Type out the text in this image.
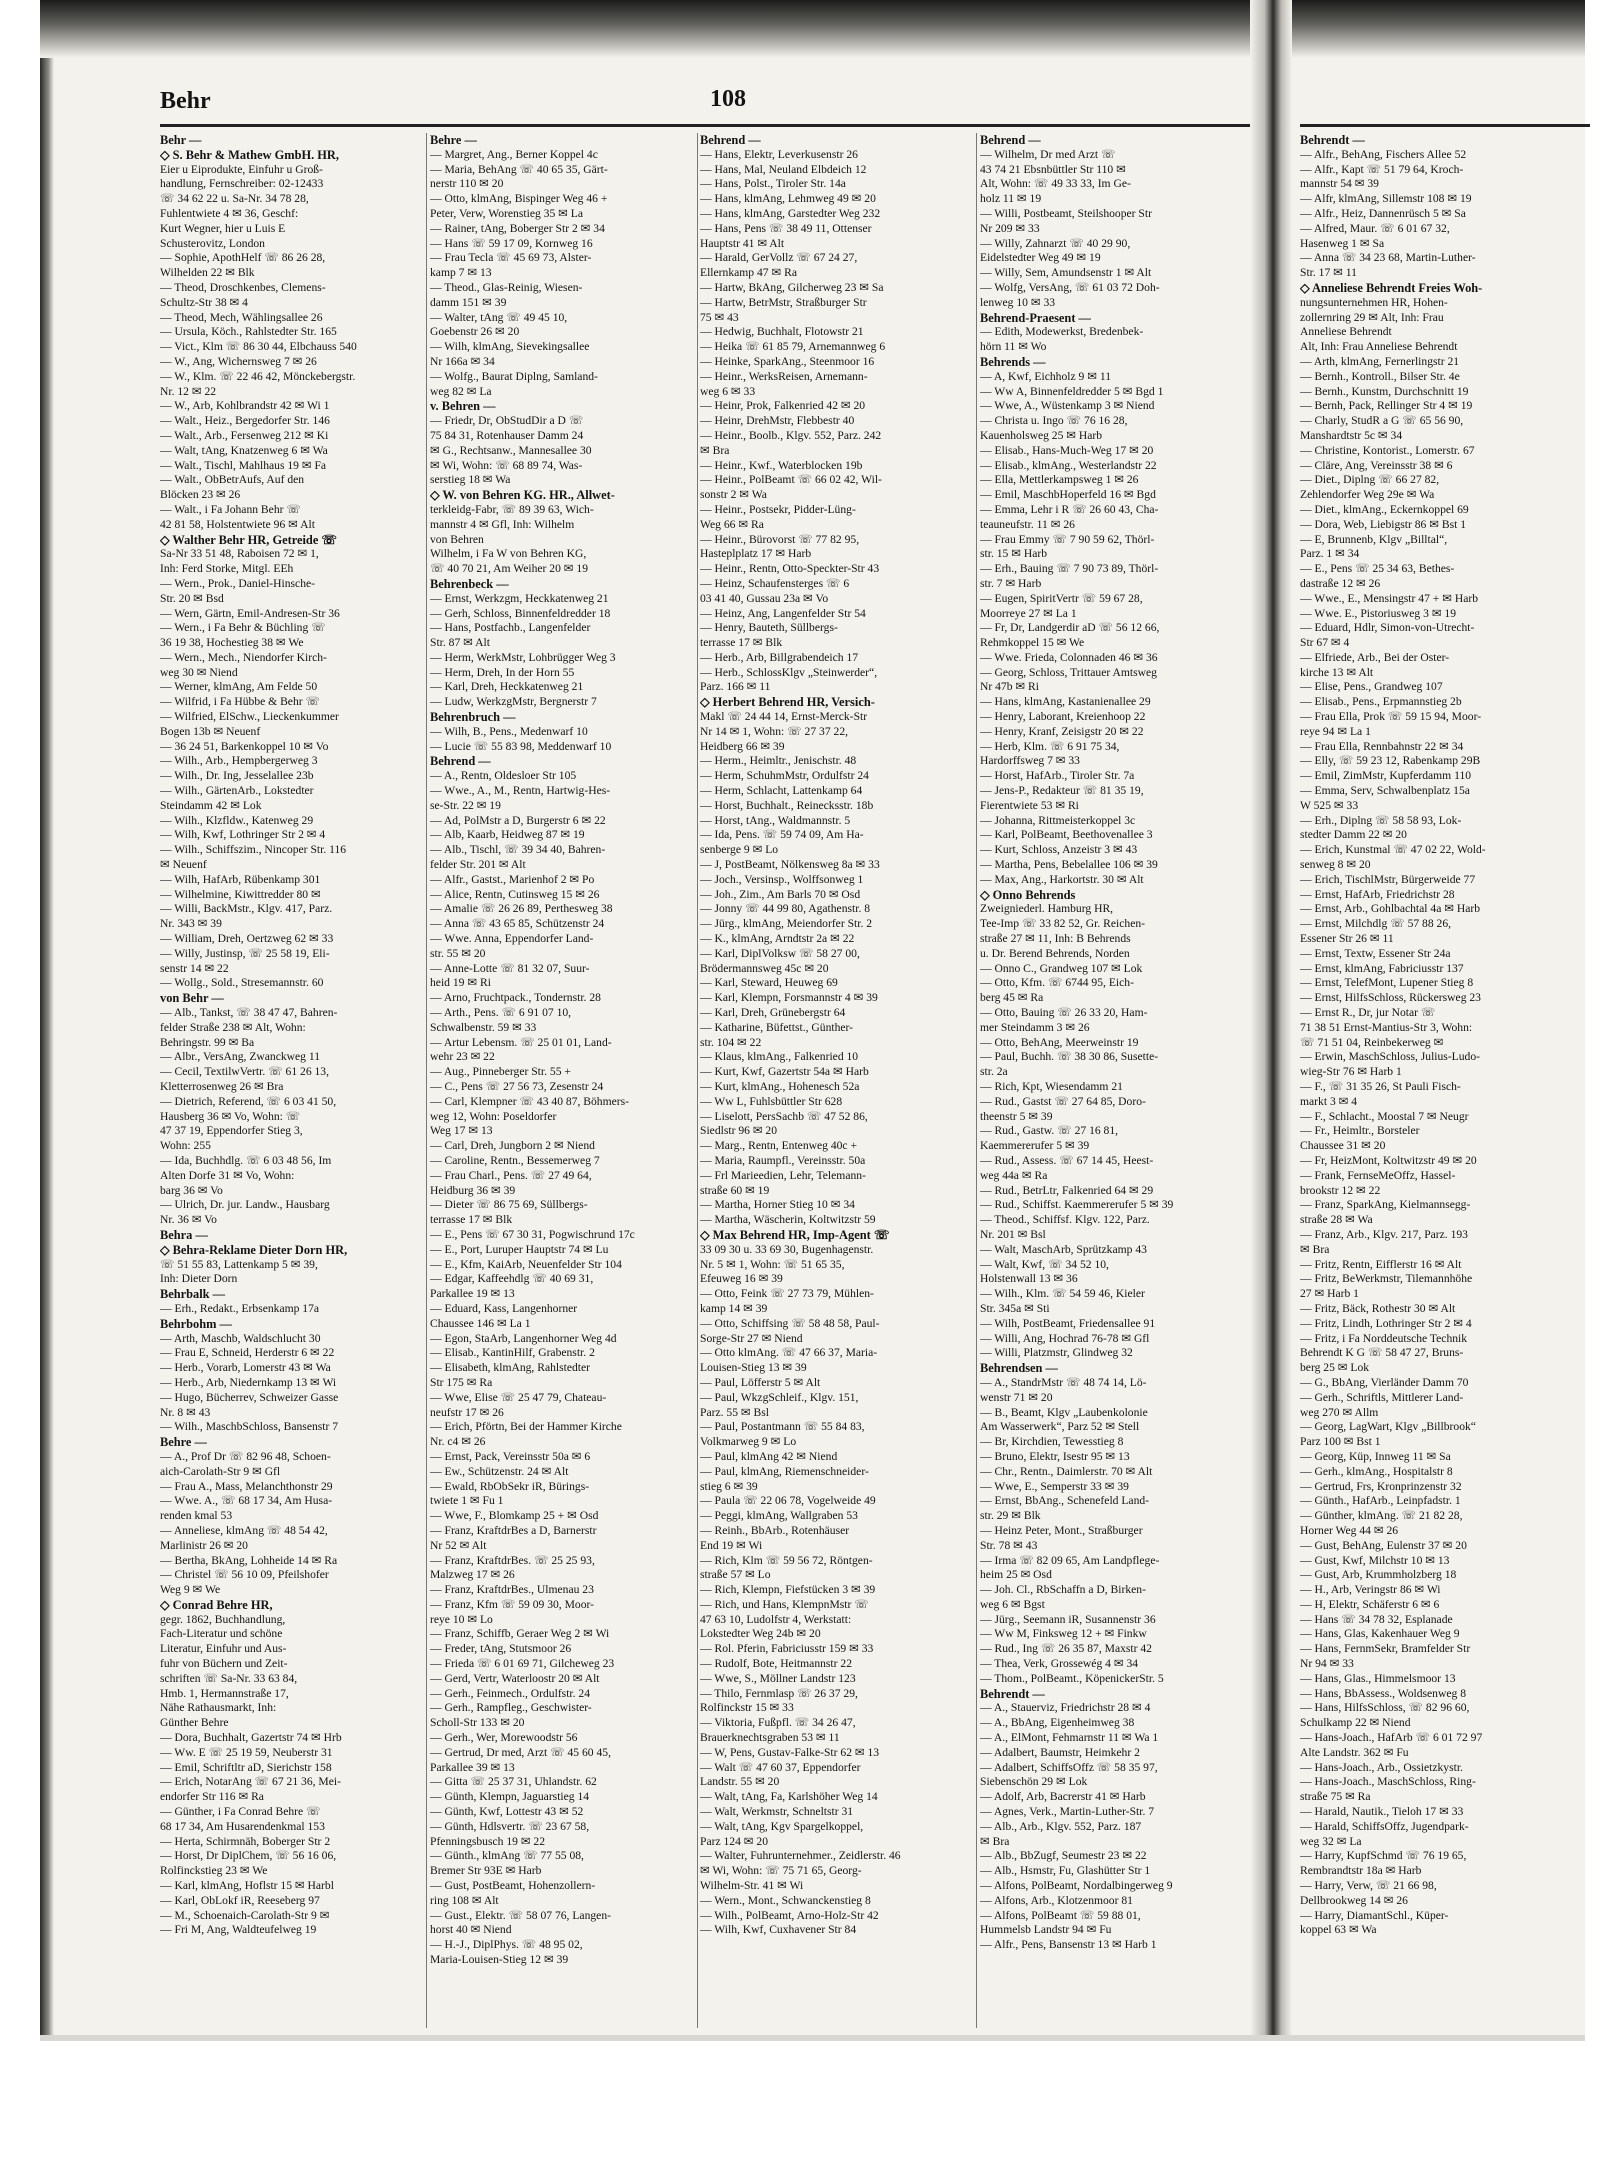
Behr	108
Behr —
◇ S. Behr & Mathew GmbH. HR,
Eier u Eiprodukte, Einfuhr u Groß-
handlung, Fernschreiber: 02-12433
☏ 34 62 22 u. Sa-Nr. 34 78 28,
Fuhlentwiete 4 ✉ 36, Geschf:
Kurt Wegner, hier u Luis E
Schusterovitz, London
— Sophie, ApothHelf ☏ 86 26 28,
Wilhelden 22 ✉ Blk
— Theod, Droschkenbes, Clemens-
Schultz-Str 38 ✉ 4
— Theod, Mech, Wählingsallee 26
— Ursula, Köch., Rahlstedter Str. 165
— Vict., Klm ☏ 86 30 44, Elbchauss 540
— W., Ang, Wichernsweg 7 ✉ 26
— W., Klm. ☏ 22 46 42, Mönckebergstr.
Nr. 12 ✉ 22
— W., Arb, Kohlbrandstr 42 ✉ Wi 1
— Walt., Heiz., Bergedorfer Str. 146
— Walt., Arb., Fersenweg 212 ✉ Ki
— Walt, tAng, Knatzenweg 6 ✉ Wa
— Walt., Tischl, Mahlhaus 19 ✉ Fa
— Walt., ObBetrAufs, Auf den
Blöcken 23 ✉ 26
— Walt., i Fa Johann Behr ☏
42 81 58, Holstentwiete 96 ✉ Alt
◇ Walther Behr HR, Getreide ☏
Sa-Nr 33 51 48, Raboisen 72 ✉ 1,
Inh: Ferd Storke, Mitgl. EEh
— Wern., Prok., Daniel-Hinsche-
Str. 20 ✉ Bsd
— Wern, Gärtn, Emil-Andresen-Str 36
— Wern., i Fa Behr & Büchling ☏
36 19 38, Hochestieg 38 ✉ We
— Wern., Mech., Niendorfer Kirch-
weg 30 ✉ Niend
— Werner, klmAng, Am Felde 50
— Wilfrid, i Fa Hübbe & Behr ☏
— Wilfried, ElSchw., Lieckenkummer
Bogen 13b ✉ Neuenf
— 36 24 51, Barkenkoppel 10 ✉ Vo
— Wilh., Arb., Hempbergerweg 3
— Wilh., Dr. Ing, Jesselallee 23b
— Wilh., GärtenArb., Lokstedter
Steindamm 42 ✉ Lok
— Wilh., Klzfldw., Katenweg 29
— Wilh, Kwf, Lothringer Str 2 ✉ 4
— Wilh., Schiffszim., Nincoper Str. 116
✉ Neuenf
— Wilh, HafArb, Rübenkamp 301
— Wilhelmine, Kiwittredder 80 ✉
— Willi, BackMstr., Klgv. 417, Parz.
Nr. 343 ✉ 39
— William, Dreh, Oertzweg 62 ✉ 33
— Willy, Justinsp, ☏ 25 58 19, Eli-
senstr 14 ✉ 22
— Wollg., Sold., Stresemannstr. 60
von Behr —
— Alb., Tankst, ☏ 38 47 47, Bahren-
felder Straße 238 ✉ Alt, Wohn:
Behringstr. 99 ✉ Ba
— Albr., VersAng, Zwanckweg 11
— Cecil, TextilwVertr. ☏ 61 26 13,
Kletterrosenweg 26 ✉ Bra
— Dietrich, Referend, ☏ 6 03 41 50,
Hausberg 36 ✉ Vo, Wohn: ☏
47 37 19, Eppendorfer Stieg 3,
Wohn: 255
— Ida, Buchhdlg. ☏ 6 03 48 56, Im
Alten Dorfe 31 ✉ Vo, Wohn:
barg 36 ✉ Vo
— Ulrich, Dr. jur. Landw., Hausbarg
Nr. 36 ✉ Vo
Behra —
◇ Behra-Reklame Dieter Dorn HR,
☏ 51 55 83, Lattenkamp 5 ✉ 39,
Inh: Dieter Dorn
Behrbalk —
— Erh., Redakt., Erbsenkamp 17a
Behrbohm —
— Arth, Maschb, Waldschlucht 30
— Frau E, Schneid, Herderstr 6 ✉ 22
— Herb., Vorarb, Lomerstr 43 ✉ Wa
— Herb., Arb, Niedernkamp 13 ✉ Wi
— Hugo, Bücherrev, Schweizer Gasse
Nr. 8 ✉ 43
— Wilh., MaschbSchloss, Bansenstr 7
Behre —
— A., Prof Dr ☏ 82 96 48, Schoen-
aich-Carolath-Str 9 ✉ Gfl
— Frau A., Mass, Melanchthonstr 29
— Wwe. A., ☏ 68 17 34, Am Husa-
renden kmal 53
— Anneliese, klmAng ☏ 48 54 42,
Marlinistr 26 ✉ 20
— Bertha, BkAng, Lohheide 14 ✉ Ra
— Christel ☏ 56 10 09, Pfeilshofer
Weg 9 ✉ We
◇ Conrad Behre HR,
gegr. 1862, Buchhandlung,
Fach-Literatur und schöne
Literatur, Einfuhr und Aus-
fuhr von Büchern und Zeit-
schriften ☏ Sa-Nr. 33 63 84,
Hmb. 1, Hermannstraße 17,
Nähe Rathausmarkt, Inh:
Günther Behre
— Dora, Buchhalt, Gazertstr 74 ✉ Hrb
— Ww. E ☏ 25 19 59, Neuberstr 31
— Emil, Schriftltr aD, Sierichstr 158
— Erich, NotarAng ☏ 67 21 36, Mei-
endorfer Str 116 ✉ Ra
— Günther, i Fa Conrad Behre ☏
68 17 34, Am Husarendenkmal 153
— Herta, Schirmnäh, Boberger Str 2
— Horst, Dr DiplChem, ☏ 56 16 06,
Rolfinckstieg 23 ✉ We
— Karl, klmAng, Hoflstr 15 ✉ Harbl
— Karl, ObLokf iR, Reeseberg 97
— M., Schoenaich-Carolath-Str 9 ✉
— Fri M, Ang, Waldteufelweg 19
Behre —
— Margret, Ang., Berner Koppel 4c
— Maria, BehAng ☏ 40 65 35, Gärt-
nerstr 110 ✉ 20
— Otto, klmAng, Bispinger Weg 46 +
Peter, Verw, Worenstieg 35 ✉ La
— Rainer, tAng, Boberger Str 2 ✉ 34
— Hans ☏ 59 17 09, Kornweg 16
— Frau Tecla ☏ 45 69 73, Alster-
kamp 7 ✉ 13
— Theod., Glas-Reinig, Wiesen-
damm 151 ✉ 39
— Walter, tAng ☏ 49 45 10,
Goebenstr 26 ✉ 20
— Wilh, klmAng, Sievekingsallee
Nr 166a ✉ 34
— Wolfg., Baurat Diplng, Samland-
weg 82 ✉ La
v. Behren —
— Friedr, Dr, ObStudDir a D ☏
75 84 31, Rotenhauser Damm 24
✉ G., Rechtsanw., Mannesallee 30
✉ Wi, Wohn: ☏ 68 89 74, Was-
serstieg 18 ✉ Wa
◇ W. von Behren KG. HR., Allwet-
terkleidg-Fabr, ☏ 89 39 63, Wich-
mannstr 4 ✉ Gfl, Inh: Wilhelm
von Behren
Wilhelm, i Fa W von Behren KG,
☏ 40 70 21, Am Weiher 20 ✉ 19
Behrenbeck —
— Ernst, Werkzgm, Heckkatenweg 21
— Gerh, Schloss, Binnenfeldredder 18
— Hans, Postfachb., Langenfelder
Str. 87 ✉ Alt
— Herm, WerkMstr, Lohbrügger Weg 3
— Herm, Dreh, In der Horn 55
— Karl, Dreh, Heckkatenweg 21
— Ludw, WerkzgMstr, Bergnerstr 7
Behrenbruch —
— Wilh, B., Pens., Medenwarf 10
— Lucie ☏ 55 83 98, Meddenwarf 10
Behrend —
— A., Rentn, Oldesloer Str 105
— Wwe., A., M., Rentn, Hartwig-Hes-
se-Str. 22 ✉ 19
— Ad, PolMstr a D, Burgerstr 6 ✉ 22
— Alb, Kaarb, Heidweg 87 ✉ 19
— Alb., Tischl, ☏ 39 34 40, Bahren-
felder Str. 201 ✉ Alt
— Alfr., Gastst., Marienhof 2 ✉ Po
— Alice, Rentn, Cutinsweg 15 ✉ 26
— Amalie ☏ 26 26 89, Perthesweg 38
— Anna ☏ 43 65 85, Schützenstr 24
— Wwe. Anna, Eppendorfer Land-
str. 55 ✉ 20
— Anne-Lotte ☏ 81 32 07, Suur-
heid 19 ✉ Ri
— Arno, Fruchtpack., Tondernstr. 28
— Arth., Pens. ☏ 6 91 07 10,
Schwalbenstr. 59 ✉ 33
— Artur Lebensm. ☏ 25 01 01, Land-
wehr 23 ✉ 22
— Aug., Pinneberger Str. 55 +
— C., Pens ☏ 27 56 73, Zesenstr 24
— Carl, Klempner ☏ 43 40 87, Böhmers-
weg 12, Wohn: Poseldorfer
Weg 17 ✉ 13
— Carl, Dreh, Jungborn 2 ✉ Niend
— Caroline, Rentn., Bessemerweg 7
— Frau Charl., Pens. ☏ 27 49 64,
Heidburg 36 ✉ 39
— Dieter ☏ 86 75 69, Süllbergs-
terrasse 17 ✉ Blk
— E., Pens ☏ 67 30 31, Pogwischrund 17c
— E., Port, Luruper Hauptstr 74 ✉ Lu
— E., Kfm, KaiArb, Neuenfelder Str 104
— Edgar, Kaffeehdlg ☏ 40 69 31,
Parkallee 19 ✉ 13
— Eduard, Kass, Langenhorner
Chaussee 146 ✉ La 1
— Egon, StaArb, Langenhorner Weg 4d
— Elisab., KantinHilf, Grabenstr. 2
— Elisabeth, klmAng, Rahlstedter
Str 175 ✉ Ra
— Wwe, Elise ☏ 25 47 79, Chateau-
neufstr 17 ✉ 26
— Erich, Pförtn, Bei der Hammer Kirche
Nr. c4 ✉ 26
— Ernst, Pack, Vereinsstr 50a ✉ 6
— Ew., Schützenstr. 24 ✉ Alt
— Ewald, RbObSekr iR, Bürings-
twiete 1 ✉ Fu 1
— Wwe, F., Blomkamp 25 + ✉ Osd
— Franz, KraftdrBes a D, Barnerstr
Nr 52 ✉ Alt
— Franz, KraftdrBes. ☏ 25 25 93,
Malzweg 17 ✉ 26
— Franz, KraftdrBes., Ulmenau 23
— Franz, Kfm ☏ 59 09 30, Moor-
reye 10 ✉ Lo
— Franz, Schiffb, Geraer Weg 2 ✉ Wi
— Freder, tAng, Stutsmoor 26
— Frieda ☏ 6 01 69 71, Gilcheweg 23
— Gerd, Vertr, Waterloostr 20 ✉ Alt
— Gerh., Feinmech., Ordulfstr. 24
— Gerh., Rampfleg., Geschwister-
Scholl-Str 133 ✉ 20
— Gerh., Wer, Morewoodstr 56
— Gertrud, Dr med, Arzt ☏ 45 60 45,
Parkallee 39 ✉ 13
— Gitta ☏ 25 37 31, Uhlandstr. 62
— Günth, Klempn, Jaguarstieg 14
— Günth, Kwf, Lottestr 43 ✉ 52
— Günth, Hdlsvertr. ☏ 23 67 58,
Pfenningsbusch 19 ✉ 22
— Günth., klmAng ☏ 77 55 08,
Bremer Str 93E ✉ Harb
— Gust, PostBeamt, Hohenzollern-
ring 108 ✉ Alt
— Gust., Elektr. ☏ 58 07 76, Langen-
horst 40 ✉ Niend
— H.-J., DiplPhys. ☏ 48 95 02,
Maria-Louisen-Stieg 12 ✉ 39
Behrend —
— Hans, Elektr, Leverkusenstr 26
— Hans, Mal, Neuland Elbdeich 12
— Hans, Polst., Tiroler Str. 14a
— Hans, klmAng, Lehmweg 49 ✉ 20
— Hans, klmAng, Garstedter Weg 232
— Hans, Pens ☏ 38 49 11, Ottenser
Hauptstr 41 ✉ Alt
— Harald, GerVollz ☏ 67 24 27,
Ellernkamp 47 ✉ Ra
— Hartw, BkAng, Gilcherweg 23 ✉ Sa
— Hartw, BetrMstr, Straßburger Str
75 ✉ 43
— Hedwig, Buchhalt, Flotowstr 21
— Heika ☏ 61 85 79, Arnemannweg 6
— Heinke, SparkAng., Steenmoor 16
— Heinr., WerksReisen, Arnemann-
weg 6 ✉ 33
— Heinr, Prok, Falkenried 42 ✉ 20
— Heinr, DrehMstr, Flebbestr 40
— Heinr., Boolb., Klgv. 552, Parz. 242
✉ Bra
— Heinr., Kwf., Waterblocken 19b
— Heinr., PolBeamt ☏ 66 02 42, Wil-
sonstr 2 ✉ Wa
— Heinr., Postsekr, Pidder-Lüng-
Weg 66 ✉ Ra
— Heinr., Bürovorst ☏ 77 82 95,
Hasteplplatz 17 ✉ Harb
— Heinr., Rentn, Otto-Speckter-Str 43
— Heinz, Schaufensterges ☏ 6
03 41 40, Gussau 23a ✉ Vo
— Heinz, Ang, Langenfelder Str 54
— Henry, Bauteth, Süllbergs-
terrasse 17 ✉ Blk
— Herb., Arb, Billgrabendeich 17
— Herb., SchlossKlgv „Steinwerder“,
Parz. 166 ✉ 11
◇ Herbert Behrend HR, Versich-
Makl ☏ 24 44 14, Ernst-Merck-Str
Nr 14 ✉ 1, Wohn: ☏ 27 37 22,
Heidberg 66 ✉ 39
— Herm., Heimltr., Jenischstr. 48
— Herm, SchuhmMstr, Ordulfstr 24
— Herm, Schlacht, Lattenkamp 64
— Horst, Buchhalt., Reinecksstr. 18b
— Horst, tAng., Waldmannstr. 5
— Ida, Pens. ☏ 59 74 09, Am Ha-
senberge 9 ✉ Lo
— J, PostBeamt, Nölkensweg 8a ✉ 33
— Joch., Versinsp., Wolffsonweg 1
— Joh., Zim., Am Barls 70 ✉ Osd
— Jonny ☏ 44 99 80, Agathenstr. 8
— Jürg., klmAng, Meiendorfer Str. 2
— K., klmAng, Arndtstr 2a ✉ 22
— Karl, DiplVolksw ☏ 58 27 00,
Brödermannsweg 45c ✉ 20
— Karl, Steward, Heuweg 69
— Karl, Klempn, Forsmannstr 4 ✉ 39
— Karl, Dreh, Grünebergstr 64
— Katharine, Büfettst., Günther-
str. 104 ✉ 22
— Klaus, klmAng., Falkenried 10
— Kurt, Kwf, Gazertstr 54a ✉ Harb
— Kurt, klmAng., Hohenesch 52a
— Ww L, Fuhlsbüttler Str 628
— Liselott, PersSachb ☏ 47 52 86,
Siedlstr 96 ✉ 20
— Marg., Rentn, Entenweg 40c +
— Maria, Raumpfl., Vereinsstr. 50a
— Frl Marieedien, Lehr, Telemann-
straße 60 ✉ 19
— Martha, Horner Stieg 10 ✉ 34
— Martha, Wäscherin, Koltwitzstr 59
◇ Max Behrend HR, Imp-Agent ☏
33 09 30 u. 33 69 30, Bugenhagenstr.
Nr. 5 ✉ 1, Wohn: ☏ 51 65 35,
Efeuweg 16 ✉ 39
— Otto, Feink ☏ 27 73 79, Mühlen-
kamp 14 ✉ 39
— Otto, Schiffsing ☏ 58 48 58, Paul-
Sorge-Str 27 ✉ Niend
— Otto klmAng. ☏ 47 66 37, Maria-
Louisen-Stieg 13 ✉ 39
— Paul, Löfferstr 5 ✉ Alt
— Paul, WkzgSchleif., Klgv. 151,
Parz. 55 ✉ Bsl
— Paul, Postantmann ☏ 55 84 83,
Volkmarweg 9 ✉ Lo
— Paul, klmAng 42 ✉ Niend
— Paul, klmAng, Riemenschneider-
stieg 6 ✉ 39
— Paula ☏ 22 06 78, Vogelweide 49
— Peggi, klmAng, Wallgraben 53
— Reinh., BbArb., Rotenhäuser
End 19 ✉ Wi
— Rich, Klm ☏ 59 56 72, Röntgen-
straße 57 ✉ Lo
— Rich, Klempn, Fiefstücken 3 ✉ 39
— Rich, und Hans, KlempnMstr ☏
47 63 10, Ludolfstr 4, Werkstatt:
Lokstedter Weg 24b ✉ 20
— Rol. Pferin, Fabriciusstr 159 ✉ 33
— Rudolf, Bote, Heitmannstr 22
— Wwe, S., Möllner Landstr 123
— Thilo, Fernmlasp ☏ 26 37 29,
Rolfinckstr 15 ✉ 33
— Viktoria, Fußpfl. ☏ 34 26 47,
Brauerknechtsgraben 53 ✉ 11
— W, Pens, Gustav-Falke-Str 62 ✉ 13
— Walt ☏ 47 60 37, Eppendorfer
Landstr. 55 ✉ 20
— Walt, tAng, Fa, Karlshöher Weg 14
— Walt, Werkmstr, Schneltstr 31
— Walt, tAng, Kgv Spargelkoppel,
Parz 124 ✉ 20
— Walter, Fuhrunternehmer., Zeidlerstr. 46
✉ Wi, Wohn: ☏ 75 71 65, Georg-
Wilhelm-Str. 41 ✉ Wi
— Wern., Mont., Schwanckenstieg 8
— Wilh., PolBeamt, Arno-Holz-Str 42
— Wilh, Kwf, Cuxhavener Str 84
Behrend —
— Wilhelm, Dr med Arzt ☏
43 74 21 Ebsnbüttler Str 110 ✉
Alt, Wohn: ☏ 49 33 33, Im Ge-
holz 11 ✉ 19
— Willi, Postbeamt, Steilshooper Str
Nr 209 ✉ 33
— Willy, Zahnarzt ☏ 40 29 90,
Eidelstedter Weg 49 ✉ 19
— Willy, Sem, Amundsenstr 1 ✉ Alt
— Wolfg, VersAng, ☏ 61 03 72 Doh-
lenweg 10 ✉ 33
Behrend-Praesent —
— Edith, Modewerkst, Bredenbek-
hörn 11 ✉ Wo
Behrends —
— A, Kwf, Eichholz 9 ✉ 11
— Ww A, Binnenfeldredder 5 ✉ Bgd 1
— Wwe, A., Wüstenkamp 3 ✉ Niend
— Christa u. Ingo ☏ 76 16 28,
Kauenholsweg 25 ✉ Harb
— Elisab., Hans-Much-Weg 17 ✉ 20
— Elisab., klmAng., Westerlandstr 22
— Ella, Mettlerkampsweg 1 ✉ 26
— Emil, MaschbHoperfeld 16 ✉ Bgd
— Emma, Lehr i R ☏ 26 60 43, Cha-
teauneufstr. 11 ✉ 26
— Frau Emmy ☏ 7 90 59 62, Thörl-
str. 15 ✉ Harb
— Erh., Bauing ☏ 7 90 73 89, Thörl-
str. 7 ✉ Harb
— Eugen, SpiritVertr ☏ 59 67 28,
Moorreye 27 ✉ La 1
— Fr, Dr, Landgerdir aD ☏ 56 12 66,
Rehmkoppel 15 ✉ We
— Wwe. Frieda, Colonnaden 46 ✉ 36
— Georg, Schloss, Trittauer Amtsweg
Nr 47b ✉ Ri
— Hans, klmAng, Kastanienallee 29
— Henry, Laborant, Kreienhoop 22
— Henry, Kranf, Zeisigstr 20 ✉ 22
— Herb, Klm. ☏ 6 91 75 34,
Hardorffsweg 7 ✉ 33
— Horst, HafArb., Tiroler Str. 7a
— Jens-P., Redakteur ☏ 81 35 19,
Fierentwiete 53 ✉ Ri
— Johanna, Rittmeisterkoppel 3c
— Karl, PolBeamt, Beethovenallee 3
— Kurt, Schloss, Anzeistr 3 ✉ 43
— Martha, Pens, Bebelallee 106 ✉ 39
— Max, Ang., Harkortstr. 30 ✉ Alt
◇ Onno Behrends
Zweigniederl. Hamburg HR,
Tee-Imp ☏ 33 82 52, Gr. Reichen-
straße 27 ✉ 11, Inh: B Behrends
u. Dr. Berend Behrends, Norden
— Onno C., Grandweg 107 ✉ Lok
— Otto, Kfm. ☏ 6744 95, Eich-
berg 45 ✉ Ra
— Otto, Bauing ☏ 26 33 20, Ham-
mer Steindamm 3 ✉ 26
— Otto, BehAng, Meerweinstr 19
— Paul, Buchh. ☏ 38 30 86, Susette-
str. 2a
— Rich, Kpt, Wiesendamm 21
— Rud., Gastst ☏ 27 64 85, Doro-
theenstr 5 ✉ 39
— Rud., Gastw. ☏ 27 16 81,
Kaemmererufer 5 ✉ 39
— Rud., Assess. ☏ 67 14 45, Heest-
weg 44a ✉ Ra
— Rud., BetrLtr, Falkenried 64 ✉ 29
— Rud., Schiffst. Kaemmererufer 5 ✉ 39
— Theod., Schiffsf. Klgv. 122, Parz.
Nr. 201 ✉ Bsl
— Walt, MaschArb, Sprützkamp 43
— Walt, Kwf, ☏ 34 52 10,
Holstenwall 13 ✉ 36
— Wilh., Klm. ☏ 54 59 46, Kieler
Str. 345a ✉ Sti
— Wilh, PostBeamt, Friedensallee 91
— Willi, Ang, Hochrad 76-78 ✉ Gfl
— Willi, Platzmstr, Glindweg 32
Behrendsen —
— A., StandrMstr ☏ 48 74 14, Lö-
wenstr 71 ✉ 20
— B., Beamt, Klgv „Laubenkolonie
Am Wasserwerk“, Parz 52 ✉ Stell
— Br, Kirchdien, Tewesstieg 8
— Bruno, Elektr, Isestr 95 ✉ 13
— Chr., Rentn., Daimlerstr. 70 ✉ Alt
— Wwe, E., Semperstr 33 ✉ 39
— Ernst, BbAng., Schenefeld Land-
str. 29 ✉ Blk
— Heinz Peter, Mont., Straßburger
Str. 78 ✉ 43
— Irma ☏ 82 09 65, Am Landpflege-
heim 25 ✉ Osd
— Joh. Cl., RbSchaffn a D, Birken-
weg 6 ✉ Bgst
— Jürg., Seemann iR, Susannenstr 36
— Ww M, Finksweg 12 + ✉ Finkw
— Rud., Ing ☏ 26 35 87, Maxstr 42
— Thea, Verk, Grossewég 4 ✉ 34
— Thom., PolBeamt., KöpenickerStr. 5
Behrendt —
— A., Stauerviz, Friedrichstr 28 ✉ 4
— A., BbAng, Eigenheimweg 38
— A., ElMont, Fehmarnstr 11 ✉ Wa 1
— Adalbert, Baumstr, Heimkehr 2
— Adalbert, SchiffsOffz ☏ 58 35 97,
Siebenschön 29 ✉ Lok
— Adolf, Arb, Bacrerstr 41 ✉ Harb
— Agnes, Verk., Martin-Luther-Str. 7
— Alb., Arb., Klgv. 552, Parz. 187
✉ Bra
— Alb., BbZugf, Seumestr 23 ✉ 22
— Alb., Hsmstr, Fu, Glashütter Str 1
— Alfons, PolBeamt, Nordalbingerweg 9
— Alfons, Arb., Klotzenmoor 81
— Alfons, PolBeamt ☏ 59 88 01,
Hummelsb Landstr 94 ✉ Fu
— Alfr., Pens, Bansenstr 13 ✉ Harb 1
Behrendt —
— Alfr., BehAng, Fischers Allee 52
— Alfr., Kapt ☏ 51 79 64, Kroch-
mannstr 54 ✉ 39
— Alfr, klmAng, Sillemstr 108 ✉ 19
— Alfr., Heiz, Dannenrüsch 5 ✉ Sa
— Alfred, Maur. ☏ 6 01 67 32,
Hasenweg 1 ✉ Sa
— Anna ☏ 34 23 68, Martin-Luther-
Str. 17 ✉ 11
◇ Anneliese Behrendt Freies Woh-
nungsunternehmen HR, Hohen-
zollernring 29 ✉ Alt, Inh: Frau
Anneliese Behrendt
Alt, Inh: Frau Anneliese Behrendt
— Arth, klmAng, Fernerlingstr 21
— Bernh., Kontroll., Bilser Str. 4e
— Bernh., Kunstm, Durchschnitt 19
— Bernh, Pack, Rellinger Str 4 ✉ 19
— Charly, StudR a G ☏ 65 56 90,
Manshardtstr 5c ✉ 34
— Christine, Kontorist., Lomerstr. 67
— Cläre, Ang, Vereinsstr 38 ✉ 6
— Diet., Diplng ☏ 66 27 82,
Zehlendorfer Weg 29e ✉ Wa
— Diet., klmAng., Eckernkoppel 69
— Dora, Web, Liebigstr 86 ✉ Bst 1
— E, Brunnenb, Klgv „Billtal“,
Parz. 1 ✉ 34
— E., Pens ☏ 25 34 63, Bethes-
dastraße 12 ✉ 26
— Wwe., E., Mensingstr 47 + ✉ Harb
— Wwe. E., Pistoriusweg 3 ✉ 19
— Eduard, Hdlr, Simon-von-Utrecht-
Str 67 ✉ 4
— Elfriede, Arb., Bei der Oster-
kirche 13 ✉ Alt
— Elise, Pens., Grandweg 107
— Elisab., Pens., Erpmannstieg 2b
— Frau Ella, Prok ☏ 59 15 94, Moor-
reye 94 ✉ La 1
— Frau Ella, Rennbahnstr 22 ✉ 34
— Elly, ☏ 59 23 12, Rabenkamp 29B
— Emil, ZimMstr, Kupferdamm 110
— Emma, Serv, Schwalbenplatz 15a
W 525 ✉ 33
— Erh., Diplng ☏ 58 58 93, Lok-
stedter Damm 22 ✉ 20
— Erich, Kunstmal ☏ 47 02 22, Wold-
senweg 8 ✉ 20
— Erich, TischlMstr, Bürgerweide 77
— Ernst, HafArb, Friedrichstr 28
— Ernst, Arb., Gohlbachtal 4a ✉ Harb
— Ernst, Milchdlg ☏ 57 88 26,
Essener Str 26 ✉ 11
— Ernst, Textw, Essener Str 24a
— Ernst, klmAng, Fabriciusstr 137
— Ernst, TelefMont, Lupener Stieg 8
— Ernst, HilfsSchloss, Rückersweg 23
— Ernst R., Dr, jur Notar ☏
71 38 51 Ernst-Mantius-Str 3, Wohn:
☏ 71 51 04, Reinbekerweg ✉
— Erwin, MaschSchloss, Julius-Ludo-
wieg-Str 76 ✉ Harb 1
— F., ☏ 31 35 26, St Pauli Fisch-
markt 3 ✉ 4
— F., Schlacht., Moostal 7 ✉ Neugr
— Fr., Heimltr., Borsteler
Chaussee 31 ✉ 20
— Fr, HeizMont, Koltwitzstr 49 ✉ 20
— Frank, FernseMeOffz, Hassel-
brookstr 12 ✉ 22
— Franz, SparkAng, Kielmannsegg-
straße 28 ✉ Wa
— Franz, Arb., Klgv. 217, Parz. 193
✉ Bra
— Fritz, Rentn, Eifflerstr 16 ✉ Alt
— Fritz, BeWerkmstr, Tilemannhöhe
27 ✉ Harb 1
— Fritz, Bäck, Rothestr 30 ✉ Alt
— Fritz, Lindh, Lothringer Str 2 ✉ 4
— Fritz, i Fa Norddeutsche Technik
Behrendt K G ☏ 58 47 27, Bruns-
berg 25 ✉ Lok
— G., BbAng, Vierländer Damm 70
— Gerh., Schriftls, Mittlerer Land-
weg 270 ✉ Allm
— Georg, LagWart, Klgv „Billbrook“
Parz 100 ✉ Bst 1
— Georg, Küp, Innweg 11 ✉ Sa
— Gerh., klmAng., Hospitalstr 8
— Gertrud, Frs, Kronprinzenstr 32
— Günth., HafArb., Leinpfadstr. 1
— Günther, klmAng. ☏ 21 82 28,
Horner Weg 44 ✉ 26
— Gust, BehAng, Eulenstr 37 ✉ 20
— Gust, Kwf, Milchstr 10 ✉ 13
— Gust, Arb, Krummholzberg 18
— H., Arb, Veringstr 86 ✉ Wi
— H, Elektr, Schäferstr 6 ✉ 6
— Hans ☏ 34 78 32, Esplanade
— Hans, Glas, Kakenhauer Weg 9
— Hans, FernmSekr, Bramfelder Str
Nr 94 ✉ 33
— Hans, Glas., Himmelsmoor 13
— Hans, BbAssess., Woldsenweg 8
— Hans, HilfsSchloss, ☏ 82 96 60,
Schulkamp 22 ✉ Niend
— Hans-Joach., HafArb ☏ 6 01 72 97
Alte Landstr. 362 ✉ Fu
— Hans-Joach., Arb., Ossietzkystr.
— Hans-Joach., MaschSchloss, Ring-
straße 75 ✉ Ra
— Harald, Nautik., Tieloh 17 ✉ 33
— Harald, SchiffsOffz, Jugendpark-
weg 32 ✉ La
— Harry, KupfSchmd ☏ 76 19 65,
Rembrandtstr 18a ✉ Harb
— Harry, Verw, ☏ 21 66 98,
Dellbrookweg 14 ✉ 26
— Harry, DiamantSchl., Küper-
koppel 63 ✉ Wa
